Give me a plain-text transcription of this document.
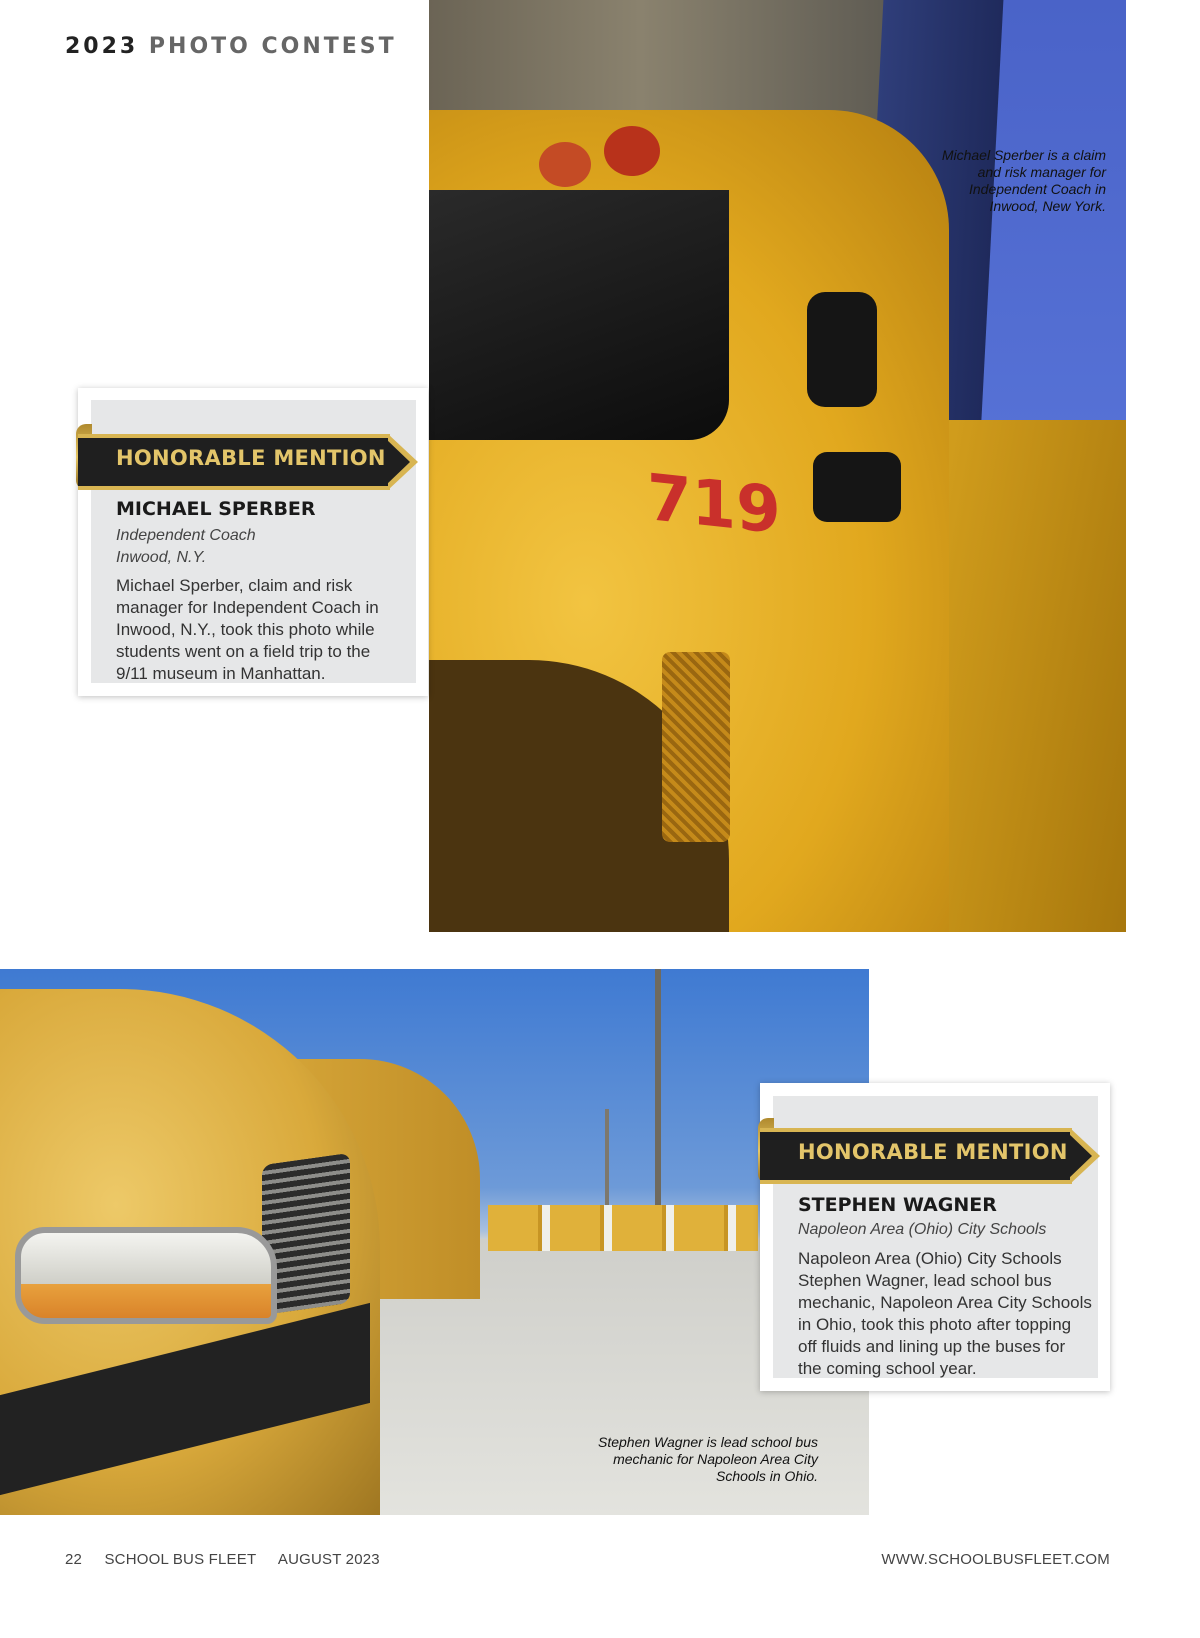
2023 PHOTO CONTEST
719
Michael Sperber is a claim and risk manager for Independent Coach in Inwood, New York.
HONORABLE MENTION
MICHAEL SPERBER
Independent Coach
Inwood, N.Y.
Michael Sperber, claim and risk manager for Independent Coach in Inwood, N.Y., took this photo while students went on a field trip to the 9/11 museum in Manhattan.
Stephen Wagner is lead school bus mechanic for Napoleon Area City Schools in Ohio.
HONORABLE MENTION
STEPHEN WAGNER
Napoleon Area (Ohio) City Schools
Napoleon Area (Ohio) City Schools Stephen Wagner, lead school bus mechanic, Napoleon Area City Schools in Ohio, took this photo after topping off fluids and lining up the buses for the coming school year.
22 SCHOOL BUS FLEET AUGUST 2023	WWW.SCHOOLBUSFLEET.COM
